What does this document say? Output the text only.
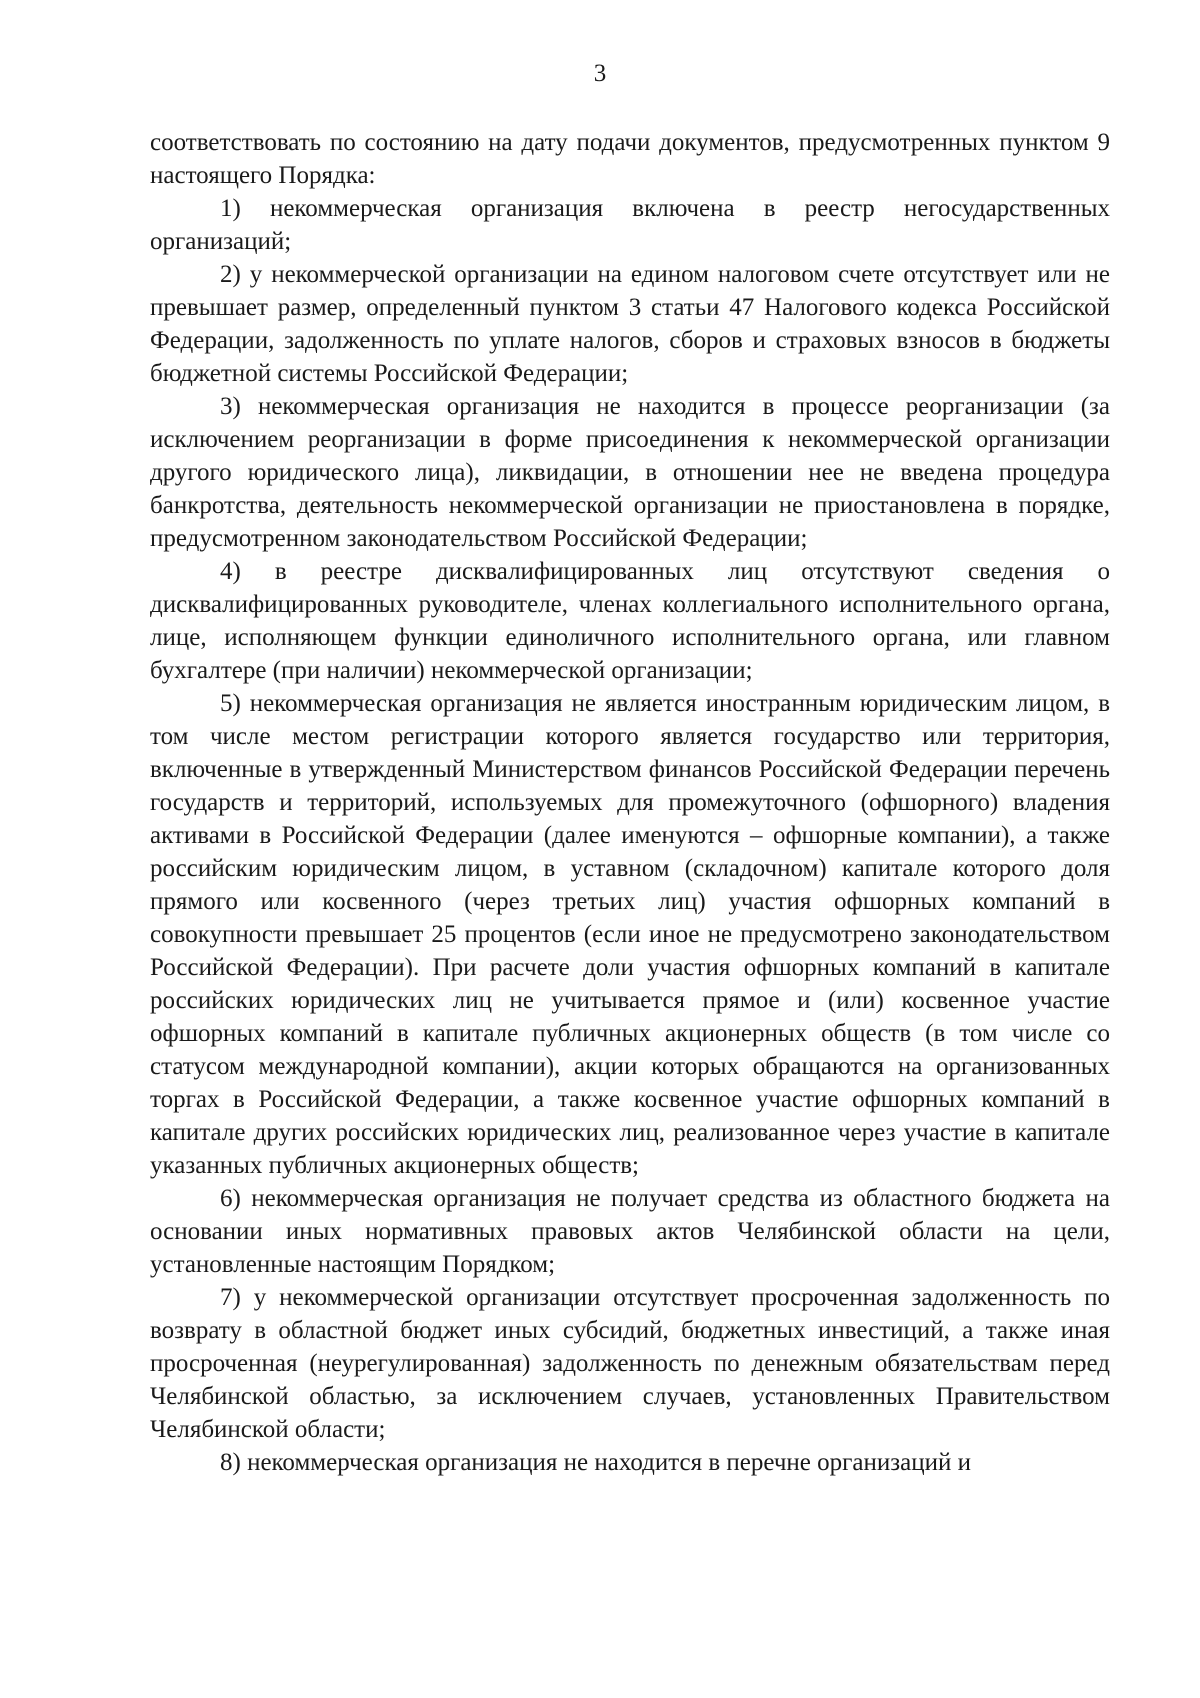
3

соответствовать по состоянию на дату подачи документов, предусмотренных пунктом 9 настоящего Порядка:

1) некоммерческая организация включена в реестр негосударственных организаций;

2) у некоммерческой организации на едином налоговом счете отсутствует или не превышает размер, определенный пунктом 3 статьи 47 Налогового кодекса Российской Федерации, задолженность по уплате налогов, сборов и страховых взносов в бюджеты бюджетной системы Российской Федерации;

3) некоммерческая организация не находится в процессе реорганизации (за исключением реорганизации в форме присоединения к некоммерческой организации другого юридического лица), ликвидации, в отношении нее не введена процедура банкротства, деятельность некоммерческой организации не приостановлена в порядке, предусмотренном законодательством Российской Федерации;

4) в реестре дисквалифицированных лиц отсутствуют сведения о дисквалифицированных руководителе, членах коллегиального исполнительного органа, лице, исполняющем функции единоличного исполнительного органа, или главном бухгалтере (при наличии) некоммерческой организации;

5) некоммерческая организация не является иностранным юридическим лицом, в том числе местом регистрации которого является государство или территория, включенные в утвержденный Министерством финансов Российской Федерации перечень государств и территорий, используемых для промежуточного (офшорного) владения активами в Российской Федерации (далее именуются – офшорные компании), а также российским юридическим лицом, в уставном (складочном) капитале которого доля прямого или косвенного (через третьих лиц) участия офшорных компаний в совокупности превышает 25 процентов (если иное не предусмотрено законодательством Российской Федерации). При расчете доли участия офшорных компаний в капитале российских юридических лиц не учитывается прямое и (или) косвенное участие офшорных компаний в капитале публичных акционерных обществ (в том числе со статусом международной компании), акции которых обращаются на организованных торгах в Российской Федерации, а также косвенное участие офшорных компаний в капитале других российских юридических лиц, реализованное через участие в капитале указанных публичных акционерных обществ;

6) некоммерческая организация не получает средства из областного бюджета на основании иных нормативных правовых актов Челябинской области на цели, установленные настоящим Порядком;

7) у некоммерческой организации отсутствует просроченная задолженность по возврату в областной бюджет иных субсидий, бюджетных инвестиций, а также иная просроченная (неурегулированная) задолженность по денежным обязательствам перед Челябинской областью, за исключением случаев, установленных Правительством Челябинской области;

8) некоммерческая организация не находится в перечне организаций и
